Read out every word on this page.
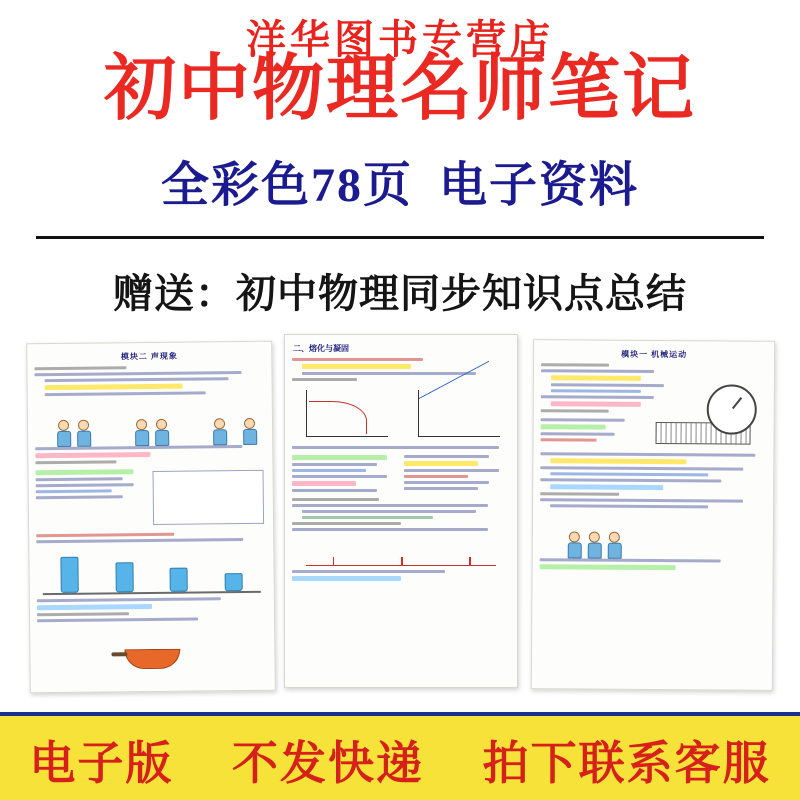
洋华图书专营店
初中物理名师笔记
全彩色78页 电子资料
赠送：初中物理同步知识点总结
模块二 声现象
二、熔化与凝固
模块一 机械运动
电子版 不发快递 拍下联系客服
